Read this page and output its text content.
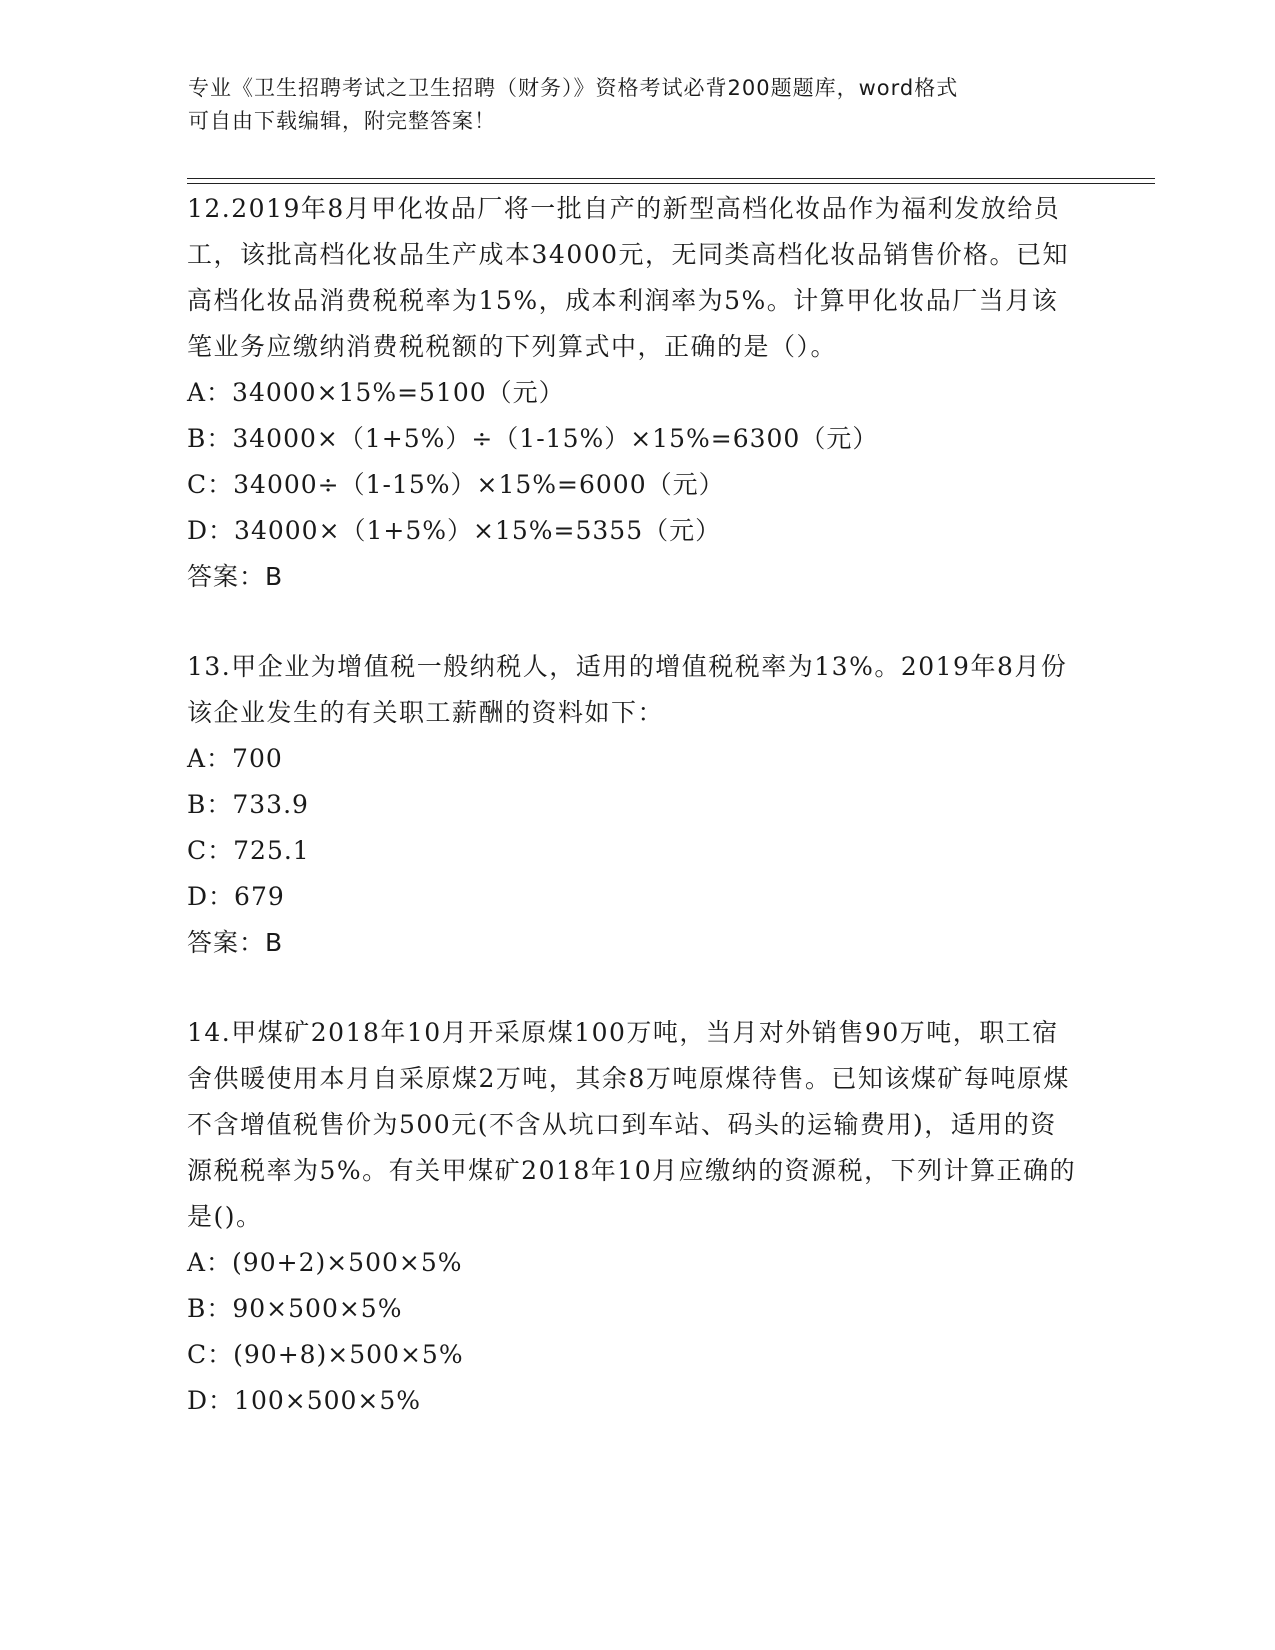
专业《卫生招聘考试之卫生招聘（财务）》资格考试必背200题题库，word格式
可自由下载编辑，附完整答案！

12.2019年8月甲化妆品厂将一批自产的新型高档化妆品作为福利发放给员工，该批高档化妆品生产成本34000元，无同类高档化妆品销售价格。已知高档化妆品消费税税率为15%，成本利润率为5%。计算甲化妆品厂当月该笔业务应缴纳消费税税额的下列算式中，正确的是（）。

A：34000×15%=5100（元）

B：34000×（1+5%）÷（1-15%）×15%=6300（元）

C：34000÷（1-15%）×15%=6000（元）

D：34000×（1+5%）×15%=5355（元）

答案：B

13.甲企业为增值税一般纳税人，适用的增值税税率为13%。2019年8月份该企业发生的有关职工薪酬的资料如下：

A：700

B：733.9

C：725.1

D：679

答案：B

14.甲煤矿2018年10月开采原煤100万吨，当月对外销售90万吨，职工宿舍供暖使用本月自采原煤2万吨，其余8万吨原煤待售。已知该煤矿每吨原煤不含增值税售价为500元(不含从坑口到车站、码头的运输费用)，适用的资源税税率为5%。有关甲煤矿2018年10月应缴纳的资源税，下列计算正确的是()。

A：(90+2)×500×5%

B：90×500×5%

C：(90+8)×500×5%

D：100×500×5%
